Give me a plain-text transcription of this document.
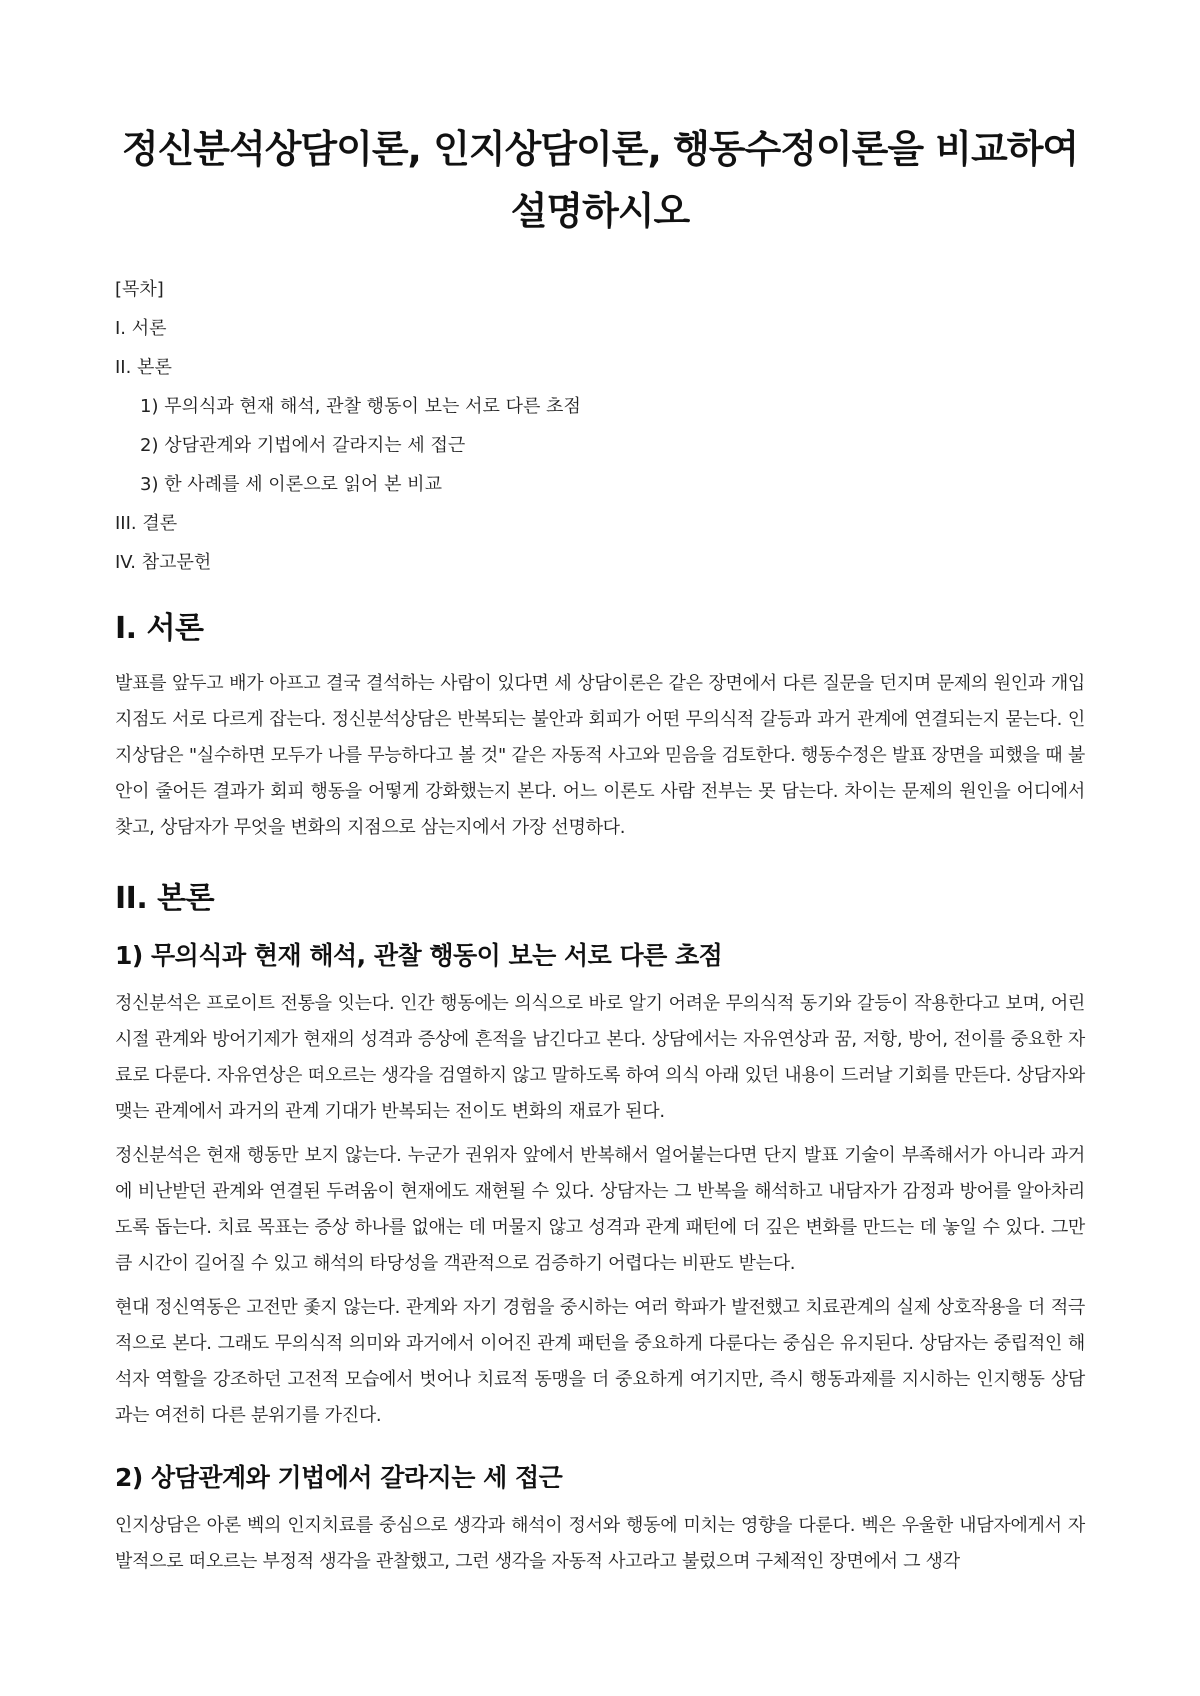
정신분석상담이론, 인지상담이론, 행동수정이론을 비교하여 설명하시오
[목차]
I. 서론
II. 본론
1) 무의식과 현재 해석, 관찰 행동이 보는 서로 다른 초점
2) 상담관계와 기법에서 갈라지는 세 접근
3) 한 사례를 세 이론으로 읽어 본 비교
III. 결론
IV. 참고문헌
I. 서론

발표를 앞두고 배가 아프고 결국 결석하는 사람이 있다면 세 상담이론은 같은 장면에서 다른 질문을 던지며 문제의 원인과 개입 지점도 서로 다르게 잡는다. 정신분석상담은 반복되는 불안과 회피가 어떤 무의식적 갈등과 과거 관계에 연결되는지 묻는다. 인지상담은 "실수하면 모두가 나를 무능하다고 볼 것" 같은 자동적 사고와 믿음을 검토한다. 행동수정은 발표 장면을 피했을 때 불안이 줄어든 결과가 회피 행동을 어떻게 강화했는지 본다. 어느 이론도 사람 전부는 못 담는다. 차이는 문제의 원인을 어디에서 찾고, 상담자가 무엇을 변화의 지점으로 삼는지에서 가장 선명하다.

II. 본론
1) 무의식과 현재 해석, 관찰 행동이 보는 서로 다른 초점

정신분석은 프로이트 전통을 잇는다. 인간 행동에는 의식으로 바로 알기 어려운 무의식적 동기와 갈등이 작용한다고 보며, 어린 시절 관계와 방어기제가 현재의 성격과 증상에 흔적을 남긴다고 본다. 상담에서는 자유연상과 꿈, 저항, 방어, 전이를 중요한 자료로 다룬다. 자유연상은 떠오르는 생각을 검열하지 않고 말하도록 하여 의식 아래 있던 내용이 드러날 기회를 만든다. 상담자와 맺는 관계에서 과거의 관계 기대가 반복되는 전이도 변화의 재료가 된다.

정신분석은 현재 행동만 보지 않는다. 누군가 권위자 앞에서 반복해서 얼어붙는다면 단지 발표 기술이 부족해서가 아니라 과거에 비난받던 관계와 연결된 두려움이 현재에도 재현될 수 있다. 상담자는 그 반복을 해석하고 내담자가 감정과 방어를 알아차리도록 돕는다. 치료 목표는 증상 하나를 없애는 데 머물지 않고 성격과 관계 패턴에 더 깊은 변화를 만드는 데 놓일 수 있다. 그만큼 시간이 길어질 수 있고 해석의 타당성을 객관적으로 검증하기 어렵다는 비판도 받는다.

현대 정신역동은 고전만 좇지 않는다. 관계와 자기 경험을 중시하는 여러 학파가 발전했고 치료관계의 실제 상호작용을 더 적극적으로 본다. 그래도 무의식적 의미와 과거에서 이어진 관계 패턴을 중요하게 다룬다는 중심은 유지된다. 상담자는 중립적인 해석자 역할을 강조하던 고전적 모습에서 벗어나 치료적 동맹을 더 중요하게 여기지만, 즉시 행동과제를 지시하는 인지행동 상담과는 여전히 다른 분위기를 가진다.

2) 상담관계와 기법에서 갈라지는 세 접근

인지상담은 아론 벡의 인지치료를 중심으로 생각과 해석이 정서와 행동에 미치는 영향을 다룬다. 벡은 우울한 내담자에게서 자발적으로 떠오르는 부정적 생각을 관찰했고, 그런 생각을 자동적 사고라고 불렀으며 구체적인 장면에서 그 생각
